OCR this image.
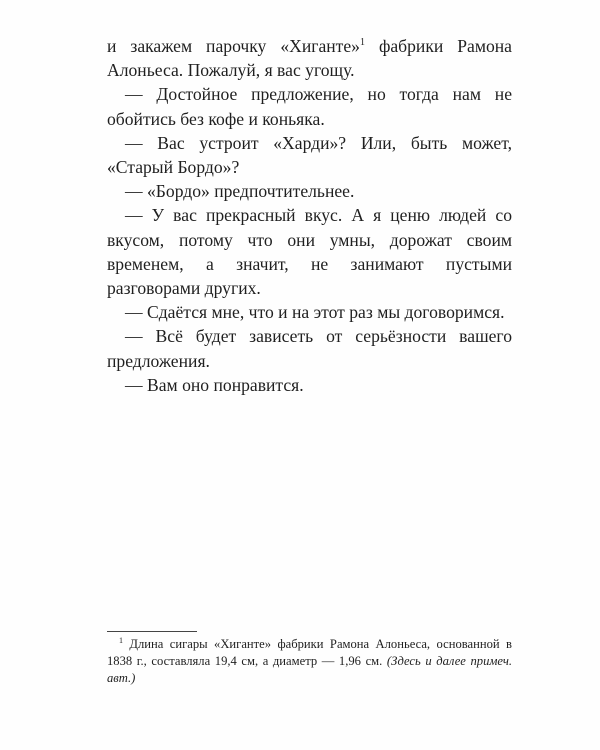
и закажем парочку «Хиганте»$^1$ фабрики Рамона Алоньеса. Пожалуй, я вас угощу.

— Достойное предложение, но тогда нам не обойтись без кофе и коньяка.

— Вас устроит «Харди»? Или, быть может, «Старый Бордо»?

— «Бордо» предпочтительнее.

— У вас прекрасный вкус. А я ценю людей со вкусом, потому что они умны, дорожат своим временем, а значит, не занимают пустыми разговорами других.

— Сдаётся мне, что и на этот раз мы договоримся.

— Всё будет зависеть от серьёзности вашего предложения.

— Вам оно понравится.

$^1$ Длина сигары «Хиганте» фабрики Рамона Алоньеса, основанной в 1838 г., составляла 19,4 см, а диаметр — 1,96 см. (Здесь и далее примеч. авт.)
